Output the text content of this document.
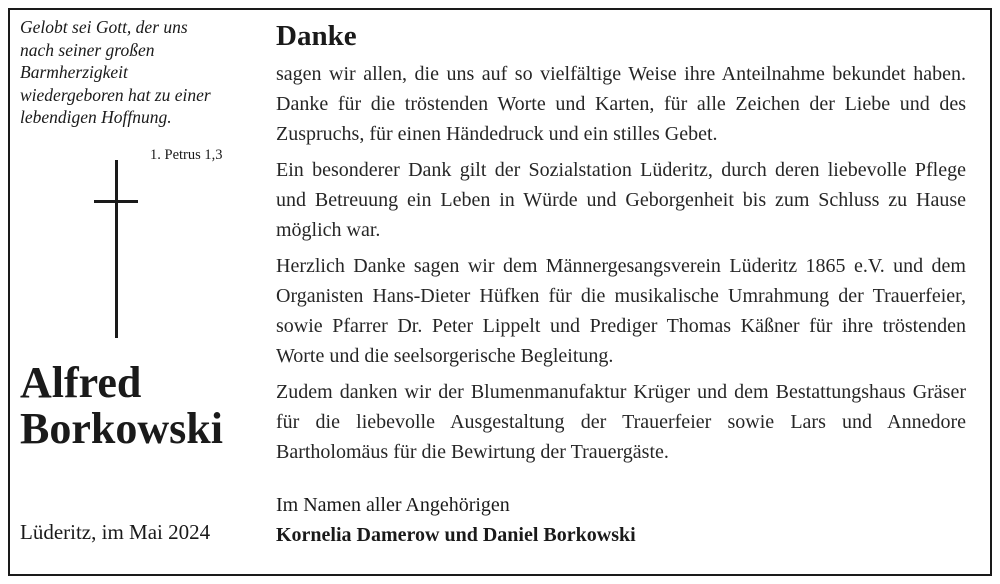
Gelobt sei Gott, der uns
nach seiner großen
Barmherzigkeit
wiedergeboren hat zu einer
lebendigen Hoffnung.
1. Petrus 1,3
Alfred
Borkowski
Lüderitz, im Mai 2024
Danke

sagen wir allen, die uns auf so vielfältige Weise ihre Anteilnahme bekundet haben. Danke für die tröstenden Worte und Karten, für alle Zeichen der Liebe und des Zuspruchs, für einen Händedruck und ein stilles Gebet.

Ein besonderer Dank gilt der Sozialstation Lüderitz, durch deren liebevolle Pflege und Betreuung ein Leben in Würde und Geborgenheit bis zum Schluss zu Hause möglich war.

Herzlich Danke sagen wir dem Männergesangsverein Lüderitz 1865 e.V. und dem Organisten Hans-Dieter Hüfken für die musikalische Umrahmung der Trauerfeier, sowie Pfarrer Dr. Peter Lippelt und Prediger Thomas Käßner für ihre tröstenden Worte und die seelsorgerische Begleitung.

Zudem danken wir der Blumenmanufaktur Krüger und dem Bestattungshaus Gräser für die liebevolle Ausgestaltung der Trauerfeier sowie Lars und Annedore Bartholomäus für die Bewirtung der Trauergäste.

Im Namen aller Angehörigen
Kornelia Damerow und Daniel Borkowski
